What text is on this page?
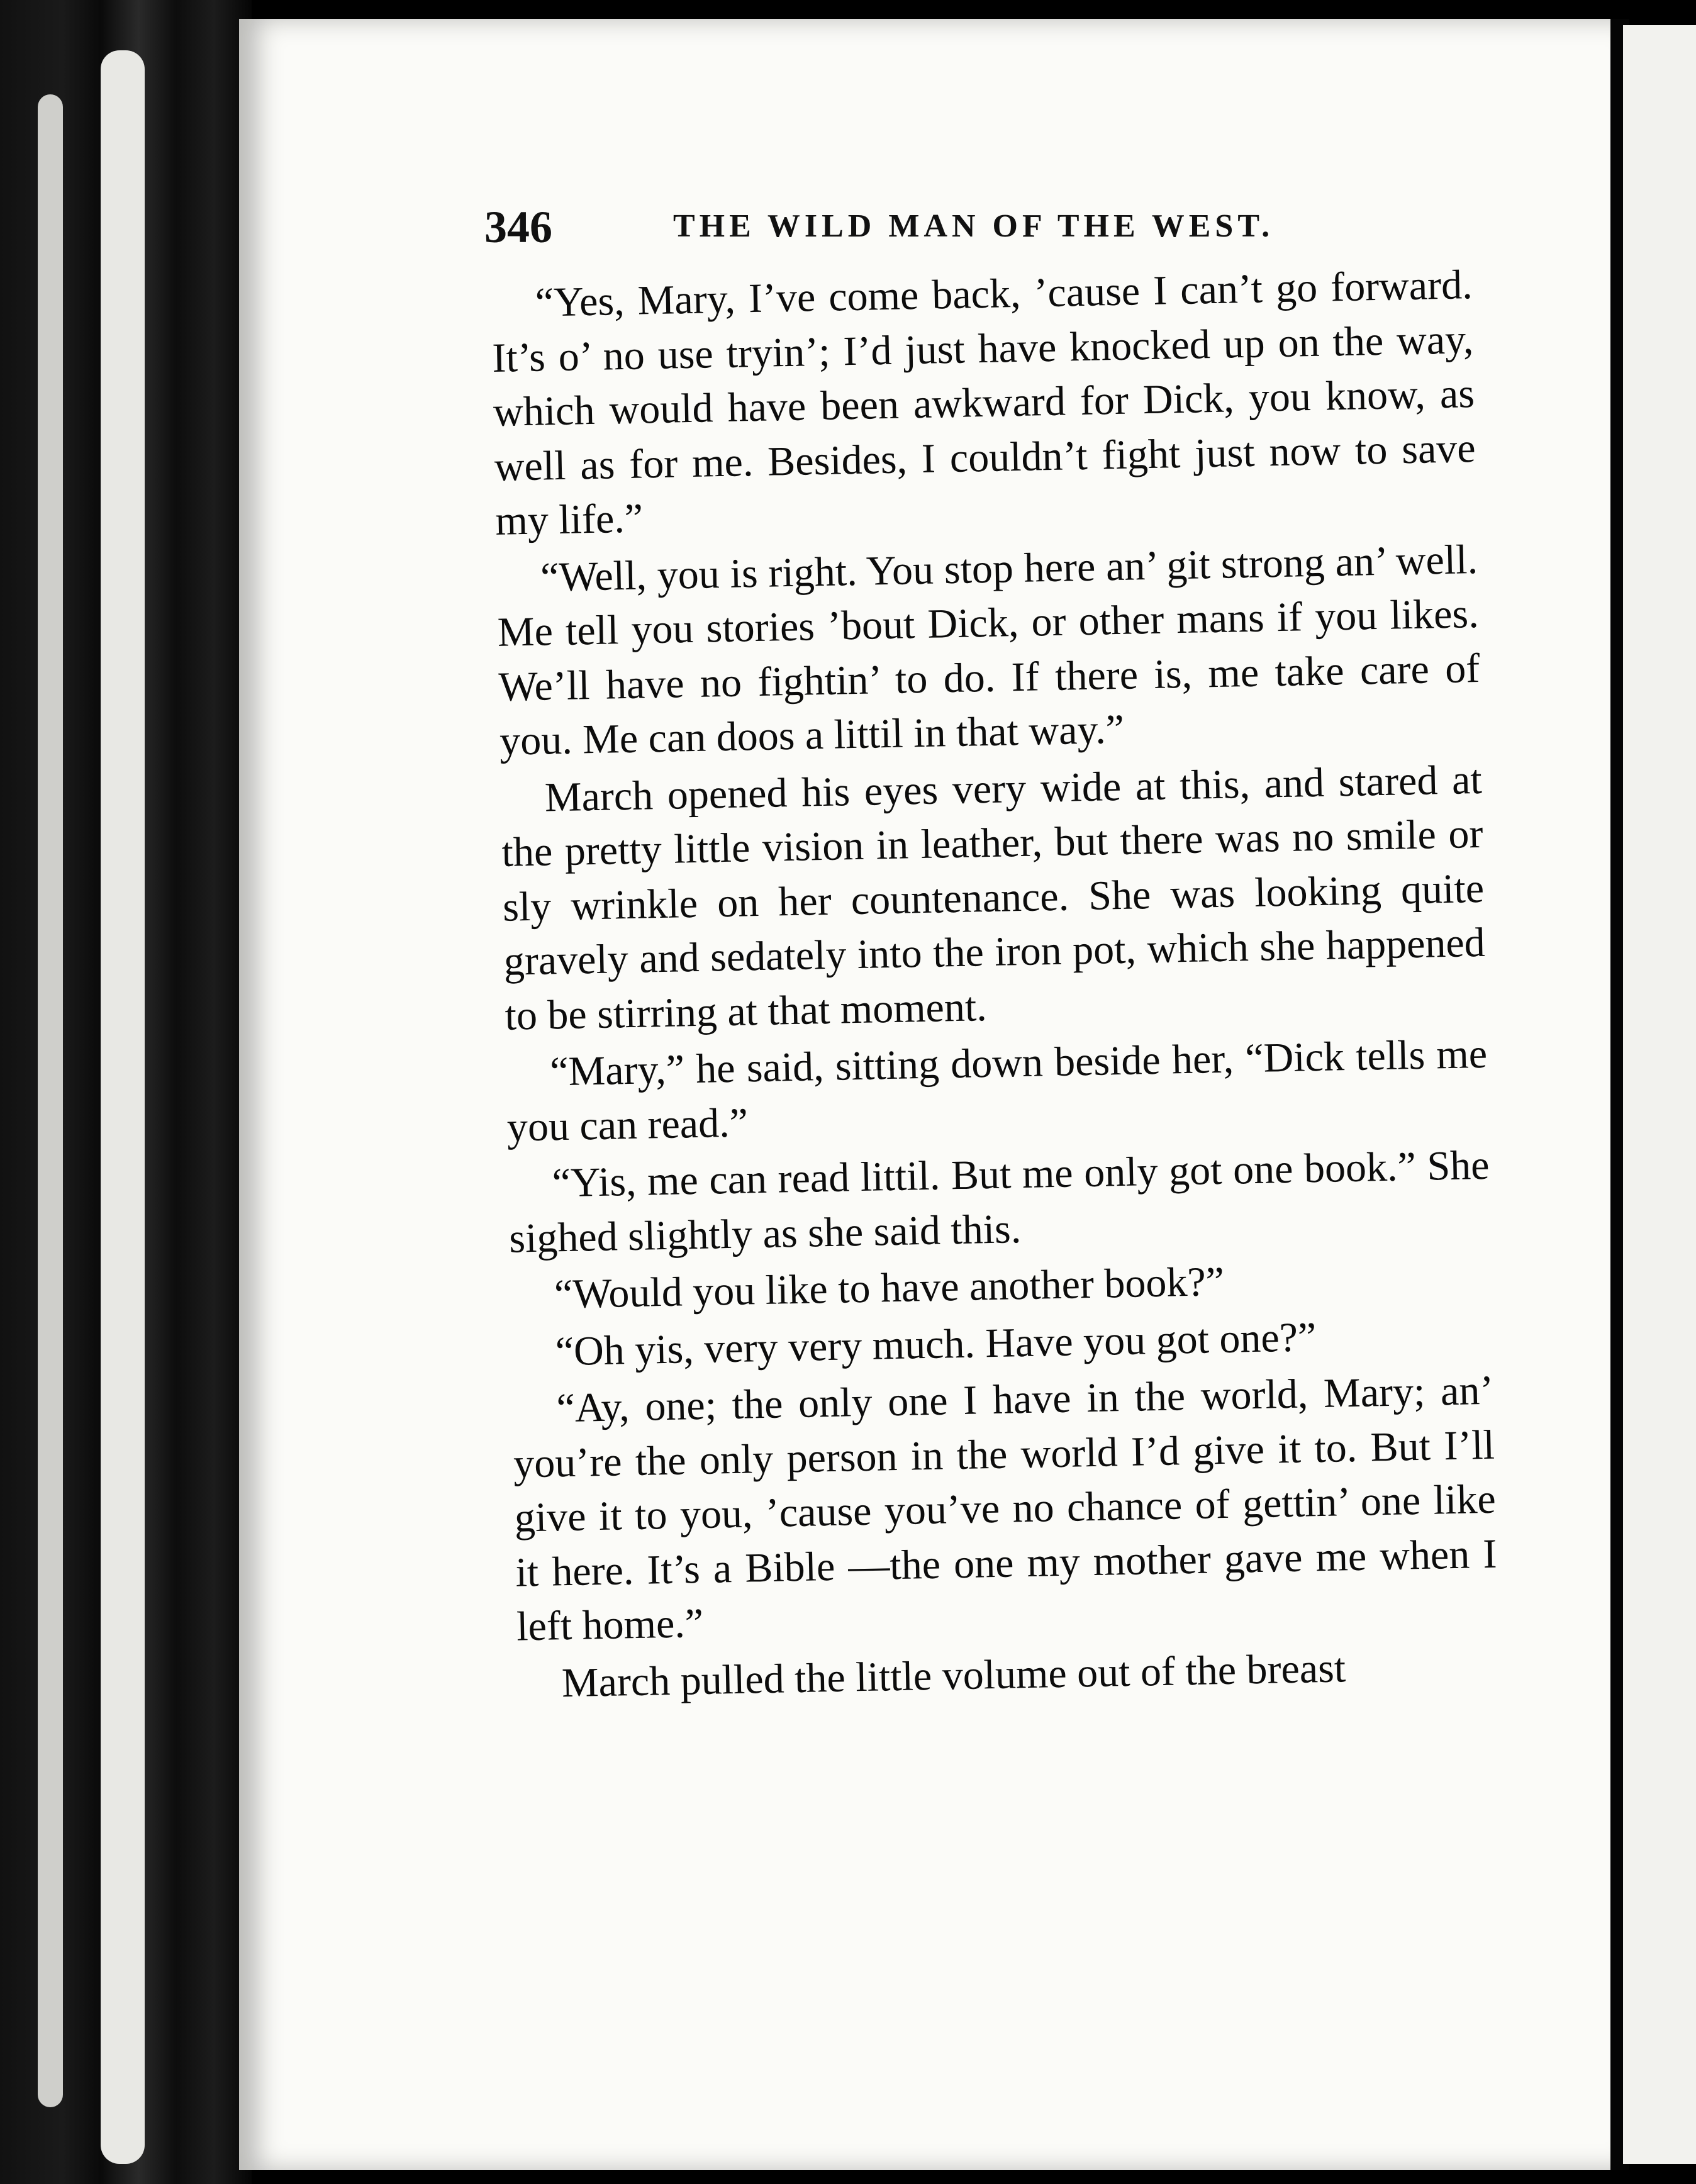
346	THE WILD MAN OF THE WEST.

“Yes, Mary, I’ve come back, ’cause I can’t go forward. It’s o’ no use tryin’; I’d just have knocked up on the way, which would have been awkward for Dick, you know, as well as for me. Besides, I couldn’t fight just now to save my life.”

“Well, you is right. You stop here an’ git strong an’ well. Me tell you stories ’bout Dick, or other mans if you likes. We’ll have no fightin’ to do. If there is, me take care of you. Me can doos a littil in that way.”

March opened his eyes very wide at this, and stared at the pretty little vision in leather, but there was no smile or sly wrinkle on her countenance. She was looking quite gravely and sedately into the iron pot, which she happened to be stirring at that moment.

“Mary,” he said, sitting down beside her, “Dick tells me you can read.”

“Yis, me can read littil. But me only got one book.” She sighed slightly as she said this.

“Would you like to have another book?”

“Oh yis, very very much. Have you got one?”

“Ay, one; the only one I have in the world, Mary; an’ you’re the only person in the world I’d give it to. But I’ll give it to you, ’cause you’ve no chance of gettin’ one like it here. It’s a Bible —the one my mother gave me when I left home.”

March pulled the little volume out of the breast
